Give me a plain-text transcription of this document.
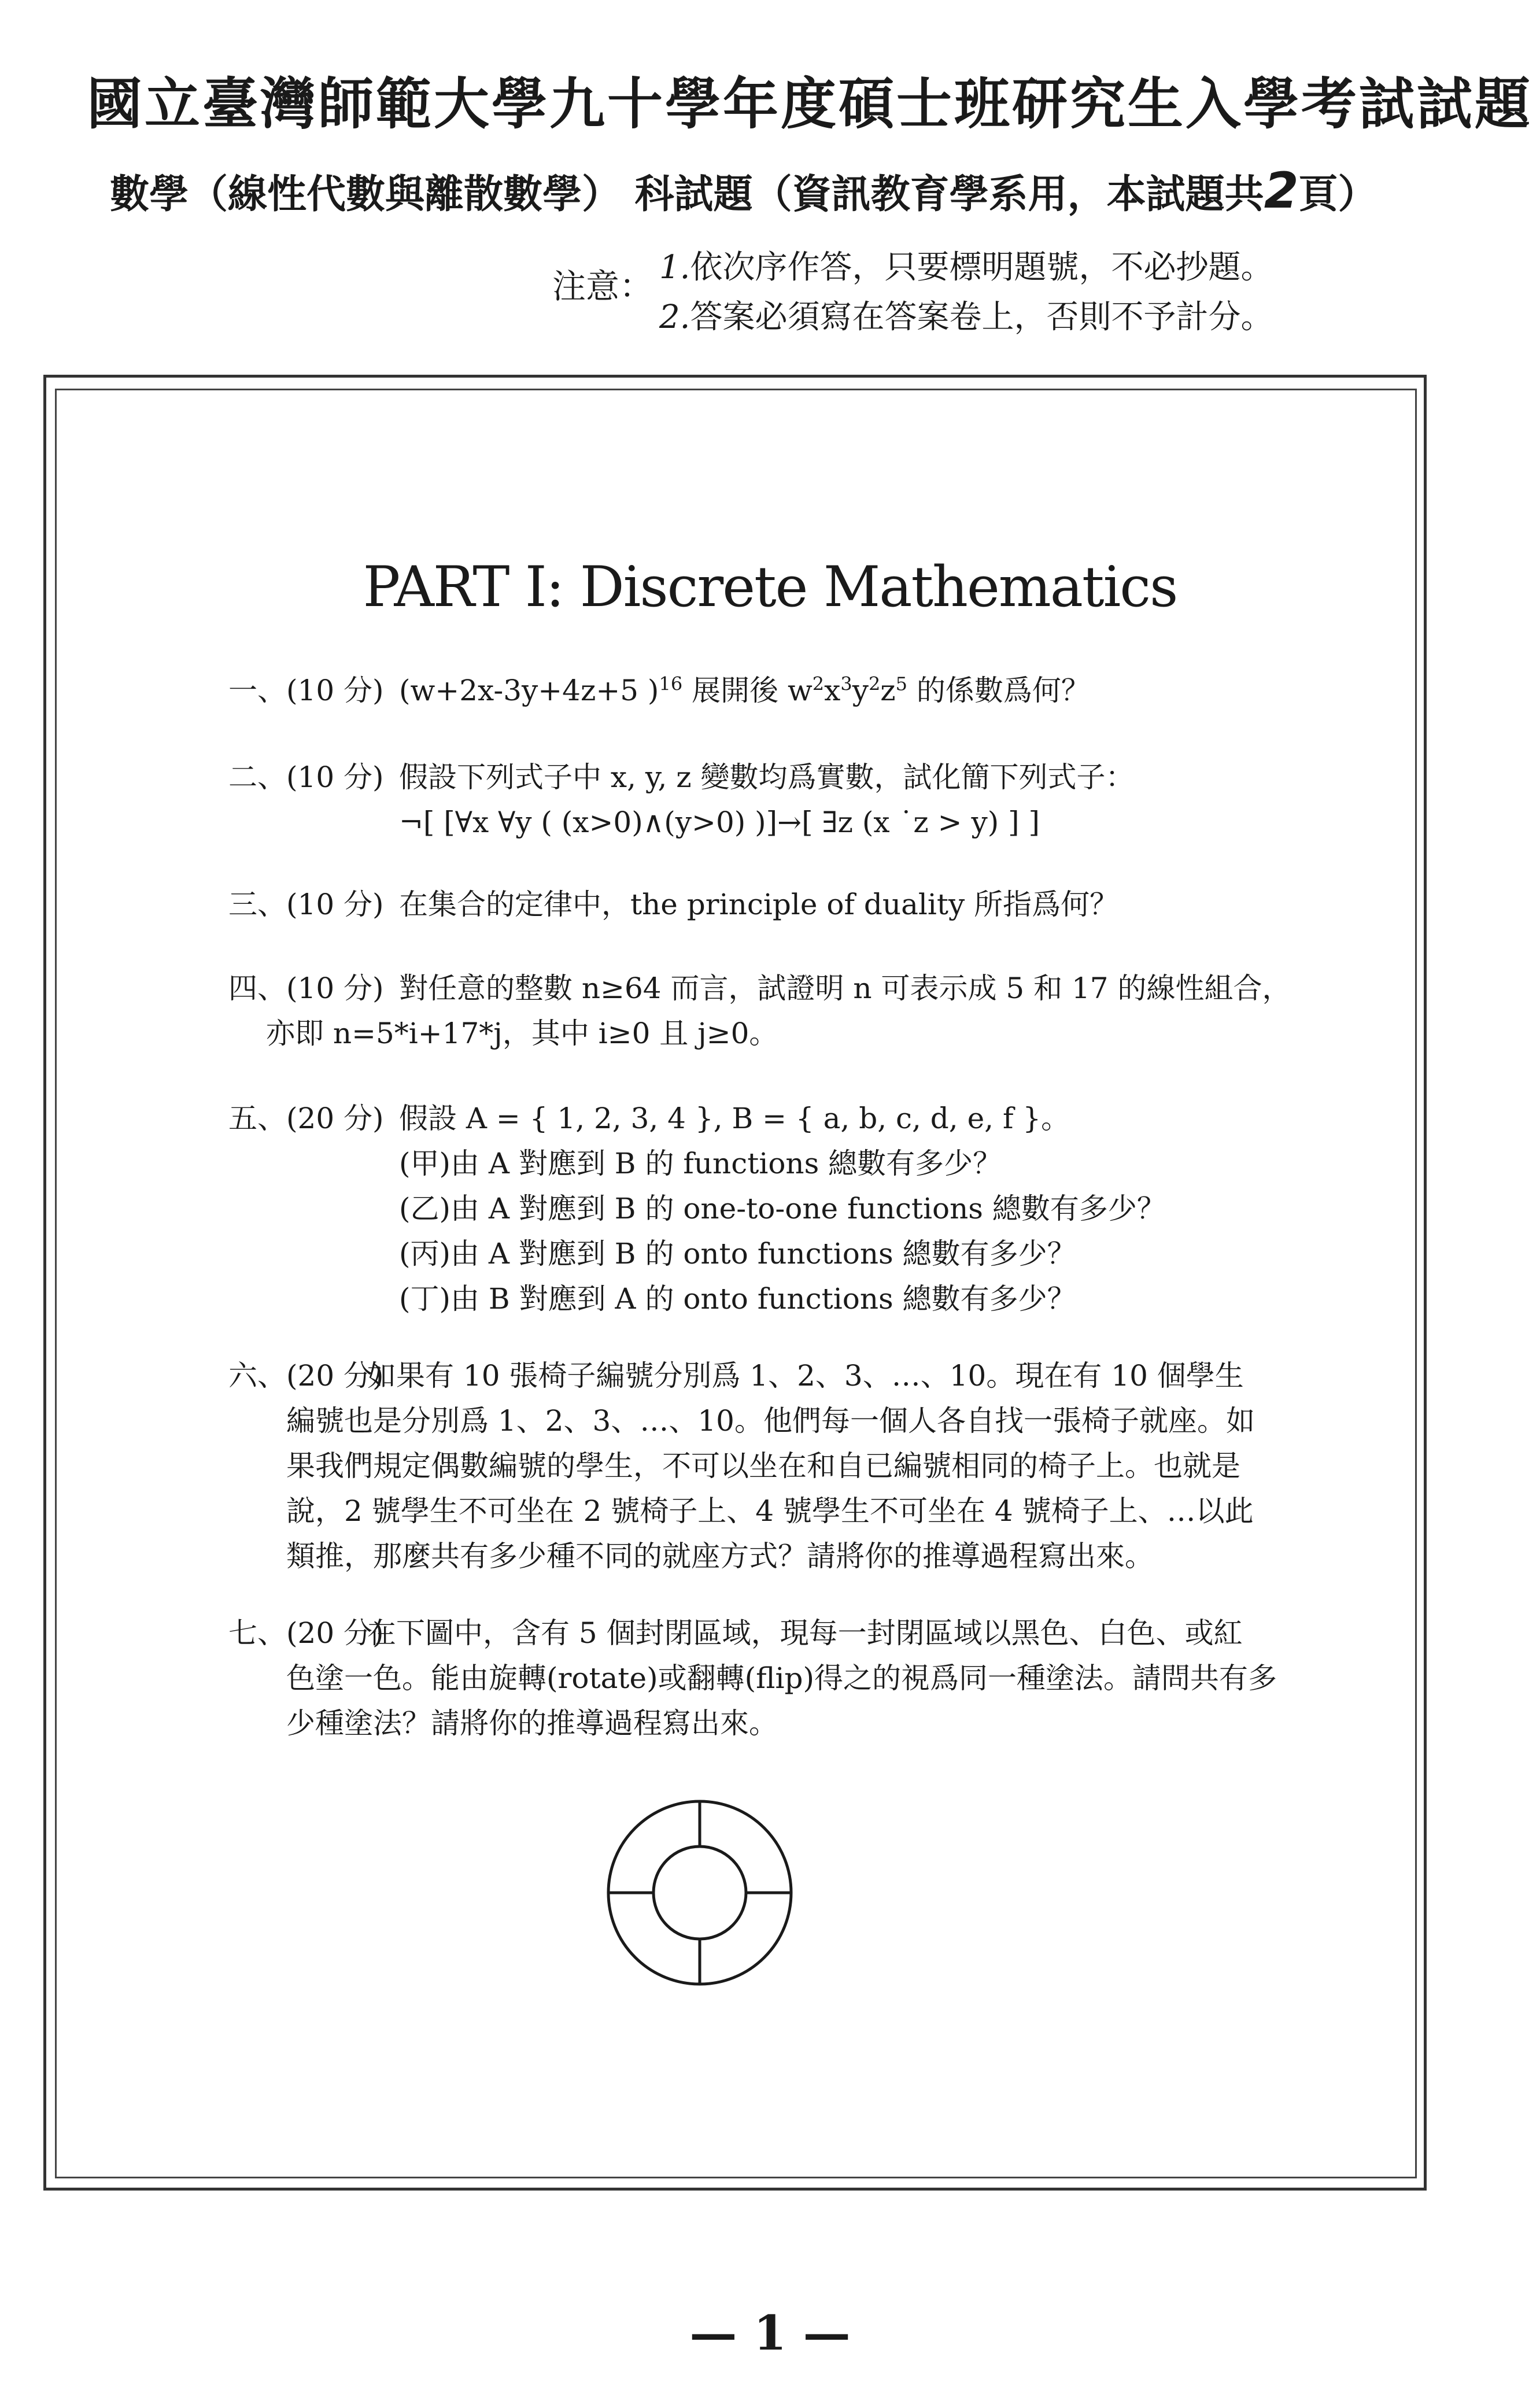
國立臺灣師範大學九十學年度碩士班研究生入學考試試題
數學（線性代數與離散數學） 科試題（資訊教育學系用，本試題共2頁）
注意： 1.依次序作答，只要標明題號，不必抄題。
2.答案必須寫在答案卷上，否則不予計分。
PART I: Discrete Mathematics
一、(10 分) (w+2x-3y+4z+5 )$^{16}$ 展開後 $w^2x^3y^2z^5$ 的係數爲何？
二、(10 分) 假設下列式子中 x, y, z 變數均爲實數，試化簡下列式子：
¬[ [∀x ∀y ( (x>0)∧(y>0) )]→[ ∃z (x ˙z > y) ] ]
三、(10 分) 在集合的定律中，the principle of duality 所指爲何？
四、(10 分) 對任意的整數 n≥64 而言，試證明 n 可表示成 5 和 17 的線性組合，
亦即 n=5*i+17*j，其中 i≥0 且 j≥0。
五、(20 分) 假設 A = { 1, 2, 3, 4 }, B = { a, b, c, d, e, f }。
(甲)由 A 對應到 B 的 functions 總數有多少？
(乙)由 A 對應到 B 的 one-to-one functions 總數有多少？
(丙)由 A 對應到 B 的 onto functions 總數有多少？
(丁)由 B 對應到 A 的 onto functions 總數有多少？
六、(20 分)如果有 10 張椅子編號分別爲 1、2、3、…、10。現在有 10 個學生
編號也是分別爲 1、2、3、…、10。他們每一個人各自找一張椅子就座。如
果我們規定偶數編號的學生，不可以坐在和自已編號相同的椅子上。也就是
說，2 號學生不可坐在 2 號椅子上、4 號學生不可坐在 4 號椅子上、…以此
類推，那麼共有多少種不同的就座方式？請將你的推導過程寫出來。
七、(20 分)在下圖中，含有 5 個封閉區域，現每一封閉區域以黑色、白色、或紅
色塗一色。能由旋轉(rotate)或翻轉(flip)得之的視爲同一種塗法。請問共有多
少種塗法？請將你的推導過程寫出來。
— 1 —
